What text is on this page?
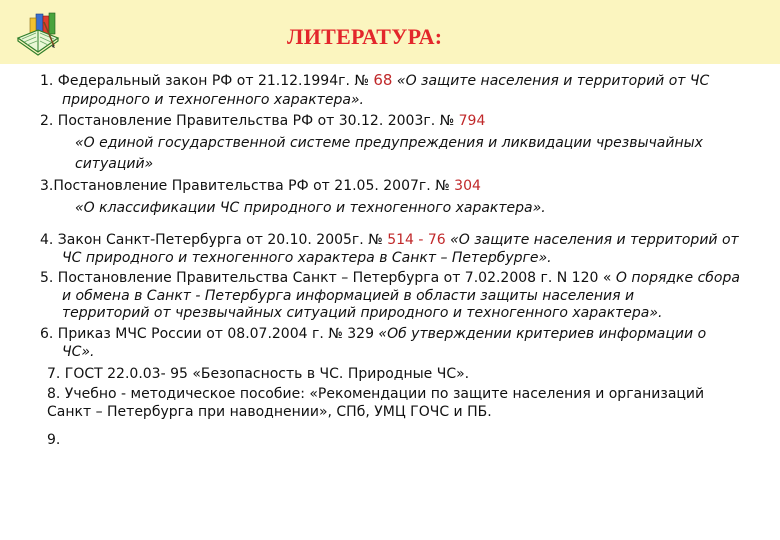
ЛИТЕРАТУРА:
1. Федеральный закон РФ от 21.12.1994г. № 68 «О защите населения и территорий от ЧС
природного и техногенного характера».
2. Постановление Правительства РФ от 30.12. 2003г. № 794
«О единой государственной системе предупреждения и ликвидации чрезвычайных
ситуаций»
3.Постановление Правительства РФ от 21.05. 2007г. № 304
«О классификации ЧС природного и техногенного характера».
4. Закон Санкт-Петербурга от 20.10. 2005г. № 514 - 76 «О защите населения и территорий от
ЧС природного и техногенного характера в Санкт – Петербурге».
5. Постановление Правительства Санкт – Петербурга от 7.02.2008 г. N 120 « О порядке сбора
и обмена в Санкт - Петербурга информацией в области защиты населения и
территорий от чрезвычайных ситуаций природного и техногенного характера».
6. Приказ МЧС России от 08.07.2004 г. № 329 «Об утверждении критериев информации о
ЧС».
7. ГОСТ 22.0.03- 95 «Безопасность в ЧС. Природные ЧС».
8. Учебно - методическое пособие: «Рекомендации по защите населения и организаций
Санкт – Петербурга при наводнении», СПб, УМЦ ГОЧС и ПБ.
9.
